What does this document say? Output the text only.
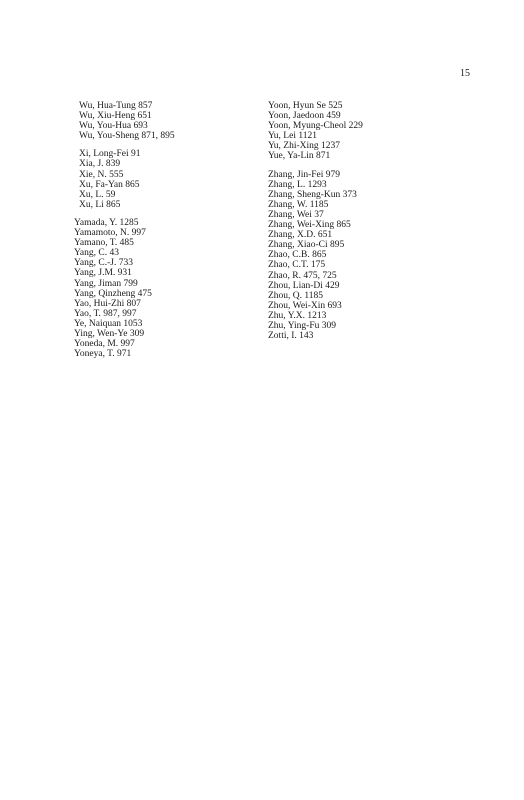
15
Wu, Hua-Tung 857
Wu, Xiu-Heng 651
Wu, You-Hua 693
Wu, You-Sheng 871, 895
Xi, Long-Fei 91
Xia, J. 839
Xie, N. 555
Xu, Fa-Yan 865
Xu, L. 59
Xu, Li 865
Yamada, Y. 1285
Yamamoto, N. 997
Yamano, T. 485
Yang, C. 43
Yang, C.-J. 733
Yang, J.M. 931
Yang, Jiman 799
Yang, Qinzheng 475
Yao, Hui-Zhi 807
Yao, T. 987, 997
Ye, Naiquan 1053
Ying, Wen-Ye 309
Yoneda, M. 997
Yoneya, T. 971
Yoon, Hyun Se 525
Yoon, Jaedoon 459
Yoon, Myung-Cheol 229
Yu, Lei 1121
Yu, Zhi-Xing 1237
Yue, Ya-Lin 871
Zhang, Jin-Fei 979
Zhang, L. 1293
Zhang, Sheng-Kun 373
Zhang, W. 1185
Zhang, Wei 37
Zhang, Wei-Xing 865
Zhang, X.D. 651
Zhang, Xiao-Ci 895
Zhao, C.B. 865
Zhao, C.T. 175
Zhao, R. 475, 725
Zhou, Lian-Di 429
Zhou, Q. 1185
Zhou, Wei-Xin 693
Zhu, Y.X. 1213
Zhu, Ying-Fu 309
Zotti, I. 143
